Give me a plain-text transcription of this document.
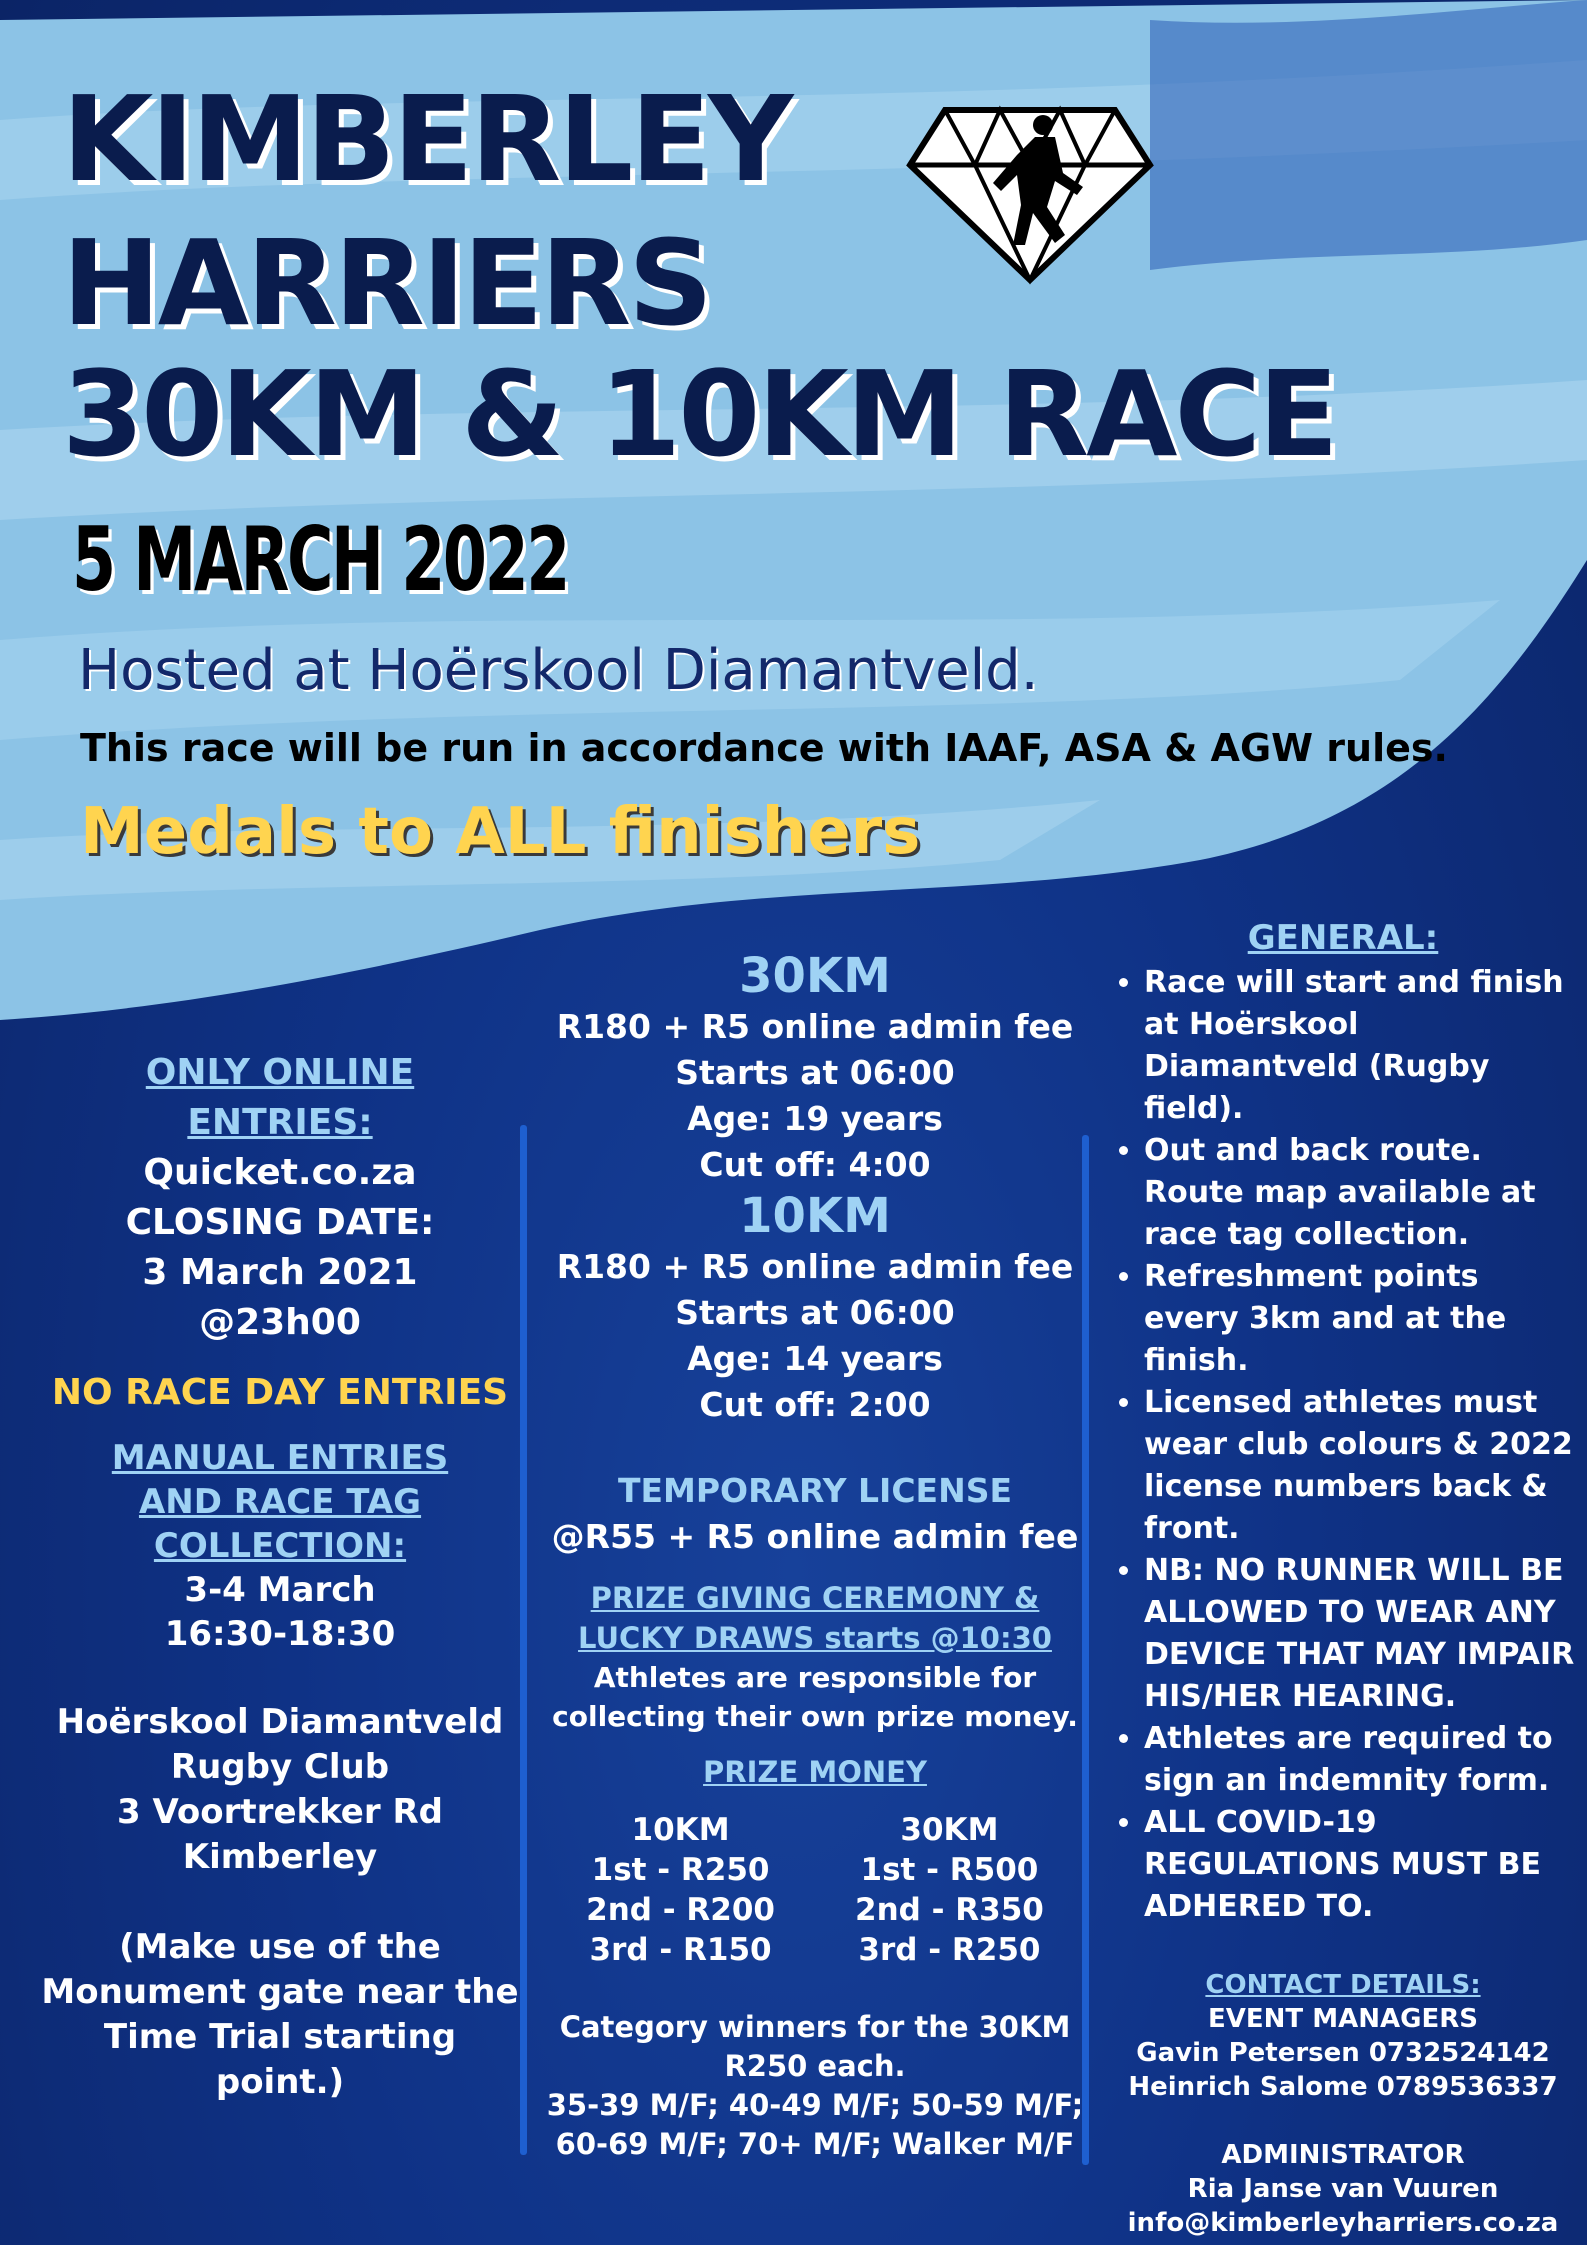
KIMBERLEY
HARRIERS
30KM & 10KM RACE
5 MARCH 2022
Hosted at Hoërskool Diamantveld.
This race will be run in accordance with IAAF, ASA & AGW rules.
Medals to ALL finishers
ONLY ONLINE
ENTRIES:
Quicket.co.za
CLOSING DATE:
3 March 2021
@23h00
NO RACE DAY ENTRIES
MANUAL ENTRIES
AND RACE TAG
COLLECTION:
3-4 March
16:30-18:30
Hoërskool Diamantveld
Rugby Club
3 Voortrekker Rd
Kimberley
(Make use of the
Monument gate near the
Time Trial starting
point.)
30KM
R180 + R5 online admin fee
Starts at 06:00
Age: 19 years
Cut off: 4:00
10KM
R180 + R5 online admin fee
Starts at 06:00
Age: 14 years
Cut off: 2:00
TEMPORARY LICENSE
@R55 + R5 online admin fee
PRIZE GIVING CEREMONY &
LUCKY DRAWS starts @10:30
Athletes are responsible for
collecting their own prize money.
PRIZE MONEY
10KM
1st - R250
2nd - R200
3rd - R150
30KM
1st - R500
2nd - R350
3rd - R250
Category winners for the 30KM
R250 each.
35-39 M/F; 40-49 M/F; 50-59 M/F;
60-69 M/F; 70+ M/F; Walker M/F
GENERAL:
• Race will start and finish at Hoërskool Diamantveld (Rugby field).
• Out and back route. Route map available at race tag collection.
• Refreshment points every 3km and at the finish.
• Licensed athletes must wear club colours & 2022 license numbers back & front.
• NB: NO RUNNER WILL BE ALLOWED TO WEAR ANY DEVICE THAT MAY IMPAIR HIS/HER HEARING.
• Athletes are required to sign an indemnity form.
• ALL COVID-19 REGULATIONS MUST BE ADHERED TO.
CONTACT DETAILS:
EVENT MANAGERS
Gavin Petersen 0732524142
Heinrich Salome 0789536337
ADMINISTRATOR
Ria Janse van Vuuren
info@kimberleyharriers.co.za
